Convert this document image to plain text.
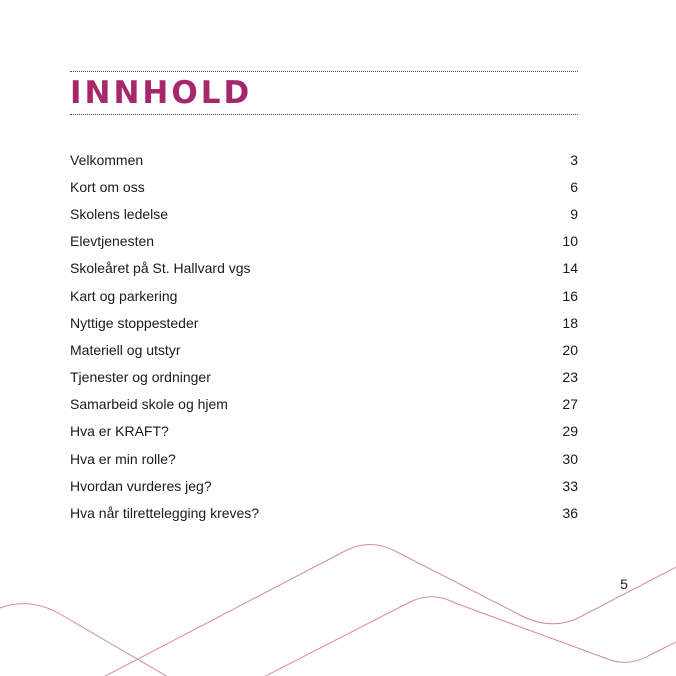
INNHOLD
Velkommen	3
Kort om oss	6
Skolens ledelse	9
Elevtjenesten	10
Skoleåret på St. Hallvard vgs	14
Kart og parkering	16
Nyttige stoppesteder	18
Materiell og utstyr	20
Tjenester og ordninger	23
Samarbeid skole og hjem	27
Hva er KRAFT?	29
Hva er min rolle?	30
Hvordan vurderes jeg?	33
Hva når tilrettelegging kreves?	36
5
